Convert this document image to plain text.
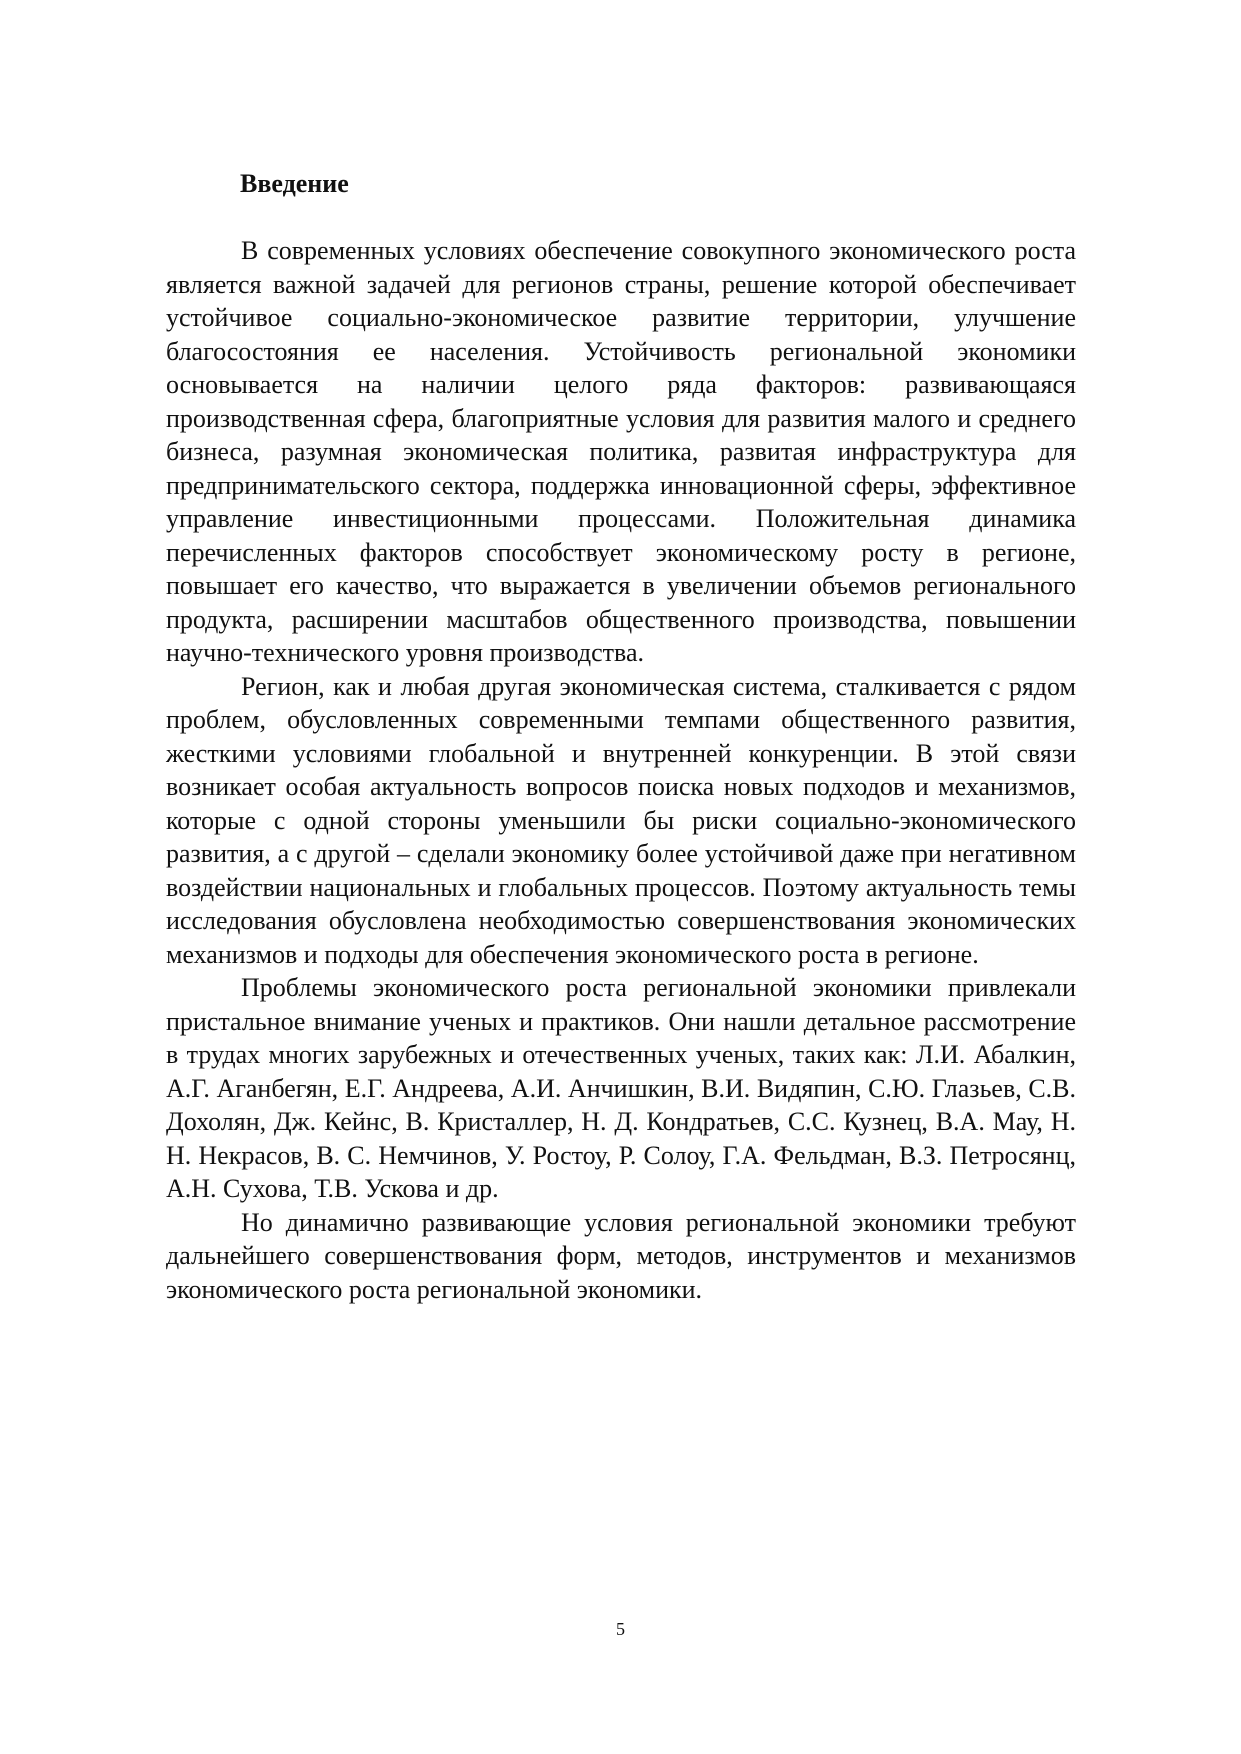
Введение

В современных условиях обеспечение совокупного экономического роста является важной задачей для регионов страны, решение которой обеспечивает устойчивое социально-экономическое развитие территории, улучшение благосостояния ее населения. Устойчивость региональной экономики основывается на наличии целого ряда факторов: развивающаяся производственная сфера, благоприятные условия для развития малого и среднего бизнеса, разумная экономическая политика, развитая инфраструктура для предпринимательского сектора, поддержка инновационной сферы, эффективное управление инвестиционными процессами. Положительная динамика перечисленных факторов способствует экономическому росту в регионе, повышает его качество, что выражается в увеличении объемов регионального продукта, расширении масштабов общественного производства, повышении научно-технического уровня производства.

Регион, как и любая другая экономическая система, сталкивается с рядом проблем, обусловленных современными темпами общественного развития, жесткими условиями глобальной и внутренней конкуренции. В этой связи возникает особая актуальность вопросов поиска новых подходов и механизмов, которые с одной стороны уменьшили бы риски социально-экономического развития, а с другой – сделали экономику более устойчивой даже при негативном воздействии национальных и глобальных процессов. Поэтому актуальность темы исследования обусловлена необходимостью совершенствования экономических механизмов и подходы для обеспечения экономического роста в регионе.

Проблемы экономического роста региональной экономики привлекали пристальное внимание ученых и практиков. Они нашли детальное рассмотрение в трудах многих зарубежных и отечественных ученых, таких как: Л.И. Абалкин, А.Г. Аганбегян, Е.Г. Андреева, А.И. Анчишкин, В.И. Видяпин, С.Ю. Глазьев, С.В. Дохолян, Дж. Кейнс, В. Кристаллер, Н. Д. Кондратьев, С.С. Кузнец, В.А. Мау, Н. Н. Некрасов, В. С. Немчинов, У. Ростоу, Р. Солоу, Г.А. Фельдман, В.З. Петросянц, А.Н. Сухова, Т.В. Ускова и др.

Но динамично развивающие условия региональной экономики требуют дальнейшего совершенствования форм, методов, инструментов и механизмов экономического роста региональной экономики.

5
